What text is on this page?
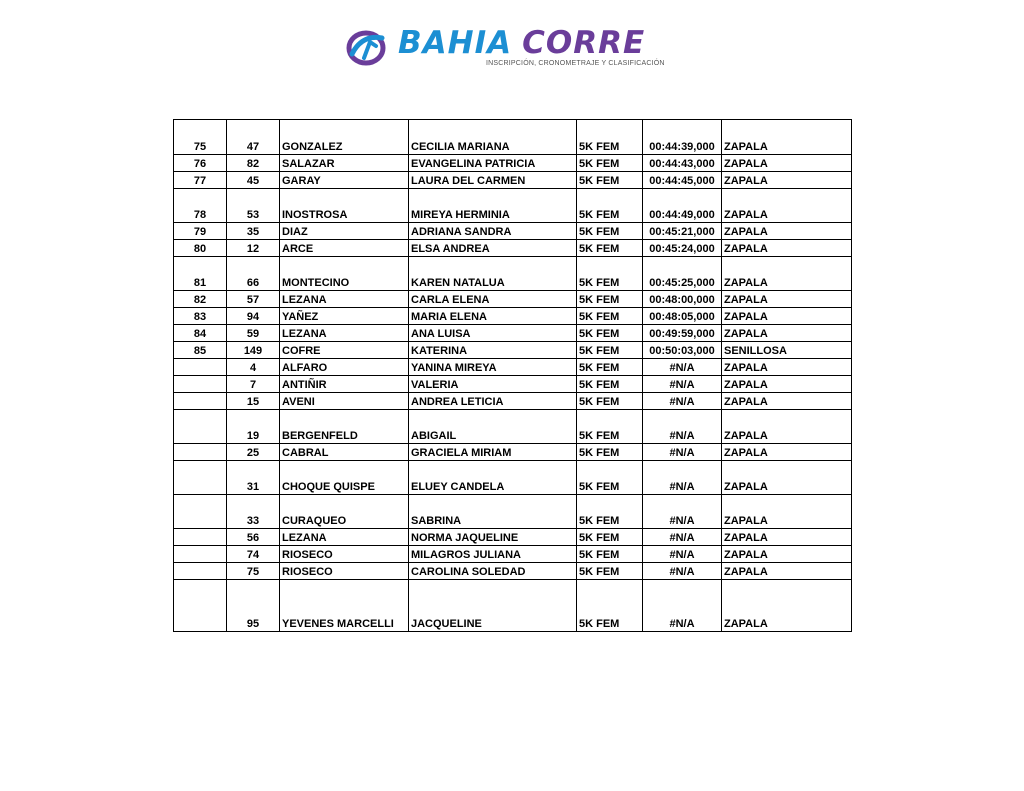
BAHIA CORRE
INSCRIPCIÓN, CRONOMETRAJE Y CLASIFICACIÓN
75	47	GONZALEZ	CECILIA MARIANA	5K FEM	00:44:39,000	ZAPALA
76	82	SALAZAR	EVANGELINA PATRICIA	5K FEM	00:44:43,000	ZAPALA
77	45	GARAY	LAURA DEL CARMEN	5K FEM	00:44:45,000	ZAPALA
78	53	INOSTROSA	MIREYA HERMINIA	5K FEM	00:44:49,000	ZAPALA
79	35	DIAZ	ADRIANA SANDRA	5K FEM	00:45:21,000	ZAPALA
80	12	ARCE	ELSA ANDREA	5K FEM	00:45:24,000	ZAPALA
81	66	MONTECINO	KAREN NATALUA	5K FEM	00:45:25,000	ZAPALA
82	57	LEZANA	CARLA ELENA	5K FEM	00:48:00,000	ZAPALA
83	94	YAÑEZ	MARIA ELENA	5K FEM	00:48:05,000	ZAPALA
84	59	LEZANA	ANA LUISA	5K FEM	00:49:59,000	ZAPALA
85	149	COFRE	KATERINA	5K FEM	00:50:03,000	SENILLOSA
	4	ALFARO	YANINA MIREYA	5K FEM	#N/A	ZAPALA
	7	ANTIÑIR	VALERIA	5K FEM	#N/A	ZAPALA
	15	AVENI	ANDREA LETICIA	5K FEM	#N/A	ZAPALA
	19	BERGENFELD	ABIGAIL	5K FEM	#N/A	ZAPALA
	25	CABRAL	GRACIELA MIRIAM	5K FEM	#N/A	ZAPALA
	31	CHOQUE QUISPE	ELUEY CANDELA	5K FEM	#N/A	ZAPALA
	33	CURAQUEO	SABRINA	5K FEM	#N/A	ZAPALA
	56	LEZANA	NORMA JAQUELINE	5K FEM	#N/A	ZAPALA
	74	RIOSECO	MILAGROS JULIANA	5K FEM	#N/A	ZAPALA
	75	RIOSECO	CAROLINA SOLEDAD	5K FEM	#N/A	ZAPALA
	95	YEVENES MARCELLI	JACQUELINE	5K FEM	#N/A	ZAPALA
